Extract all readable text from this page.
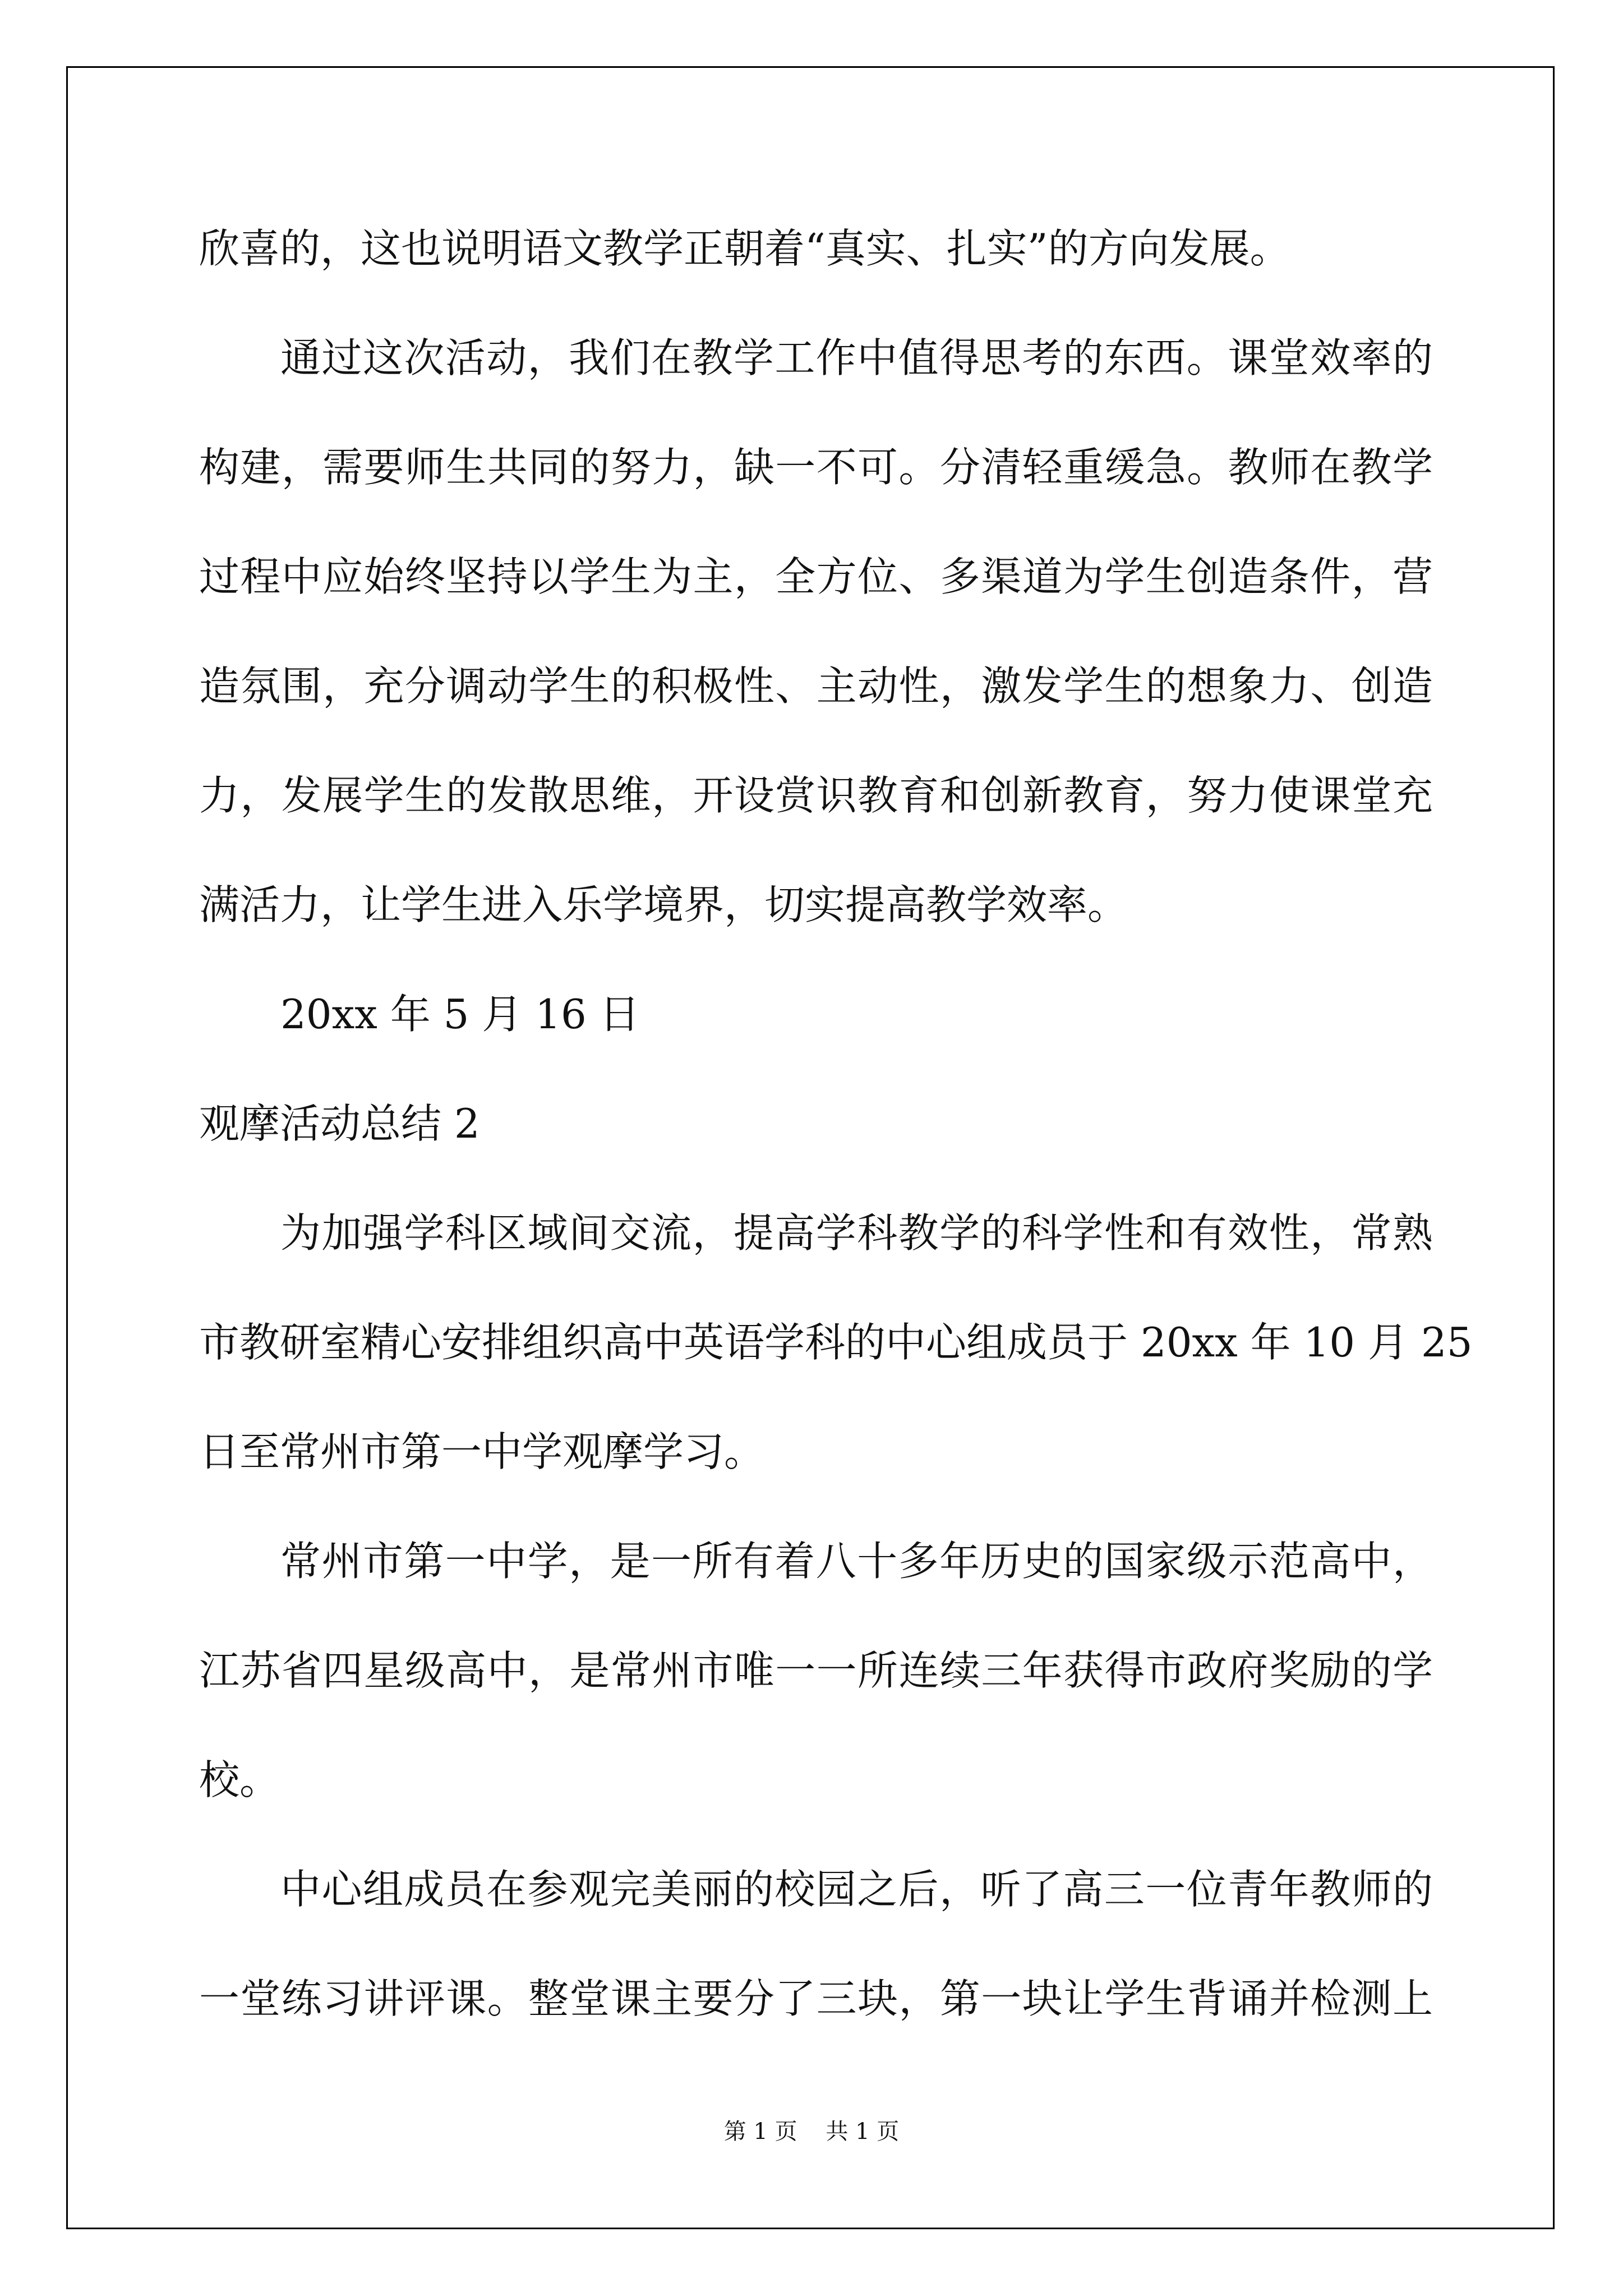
欣喜的，这也说明语文教学正朝着“真实、扎实”的方向发展。
通过这次活动，我们在教学工作中值得思考的东西。课堂效率的
构建，需要师生共同的努力，缺一不可。分清轻重缓急。教师在教学
过程中应始终坚持以学生为主，全方位、多渠道为学生创造条件，营
造氛围，充分调动学生的积极性、主动性，激发学生的想象力、创造
力，发展学生的发散思维，开设赏识教育和创新教育，努力使课堂充
满活力，让学生进入乐学境界，切实提高教学效率。
20xx 年 5 月 16 日
观摩活动总结 2
为加强学科区域间交流，提高学科教学的科学性和有效性，常熟
市教研室精心安排组织高中英语学科的中心组成员于 20xx 年 10 月 25
日至常州市第一中学观摩学习。
常州市第一中学，是一所有着八十多年历史的国家级示范高中，
江苏省四星级高中，是常州市唯一一所连续三年获得市政府奖励的学
校。
中心组成员在参观完美丽的校园之后，听了高三一位青年教师的
一堂练习讲评课。整堂课主要分了三块，第一块让学生背诵并检测上
第 1 页    共 1 页
